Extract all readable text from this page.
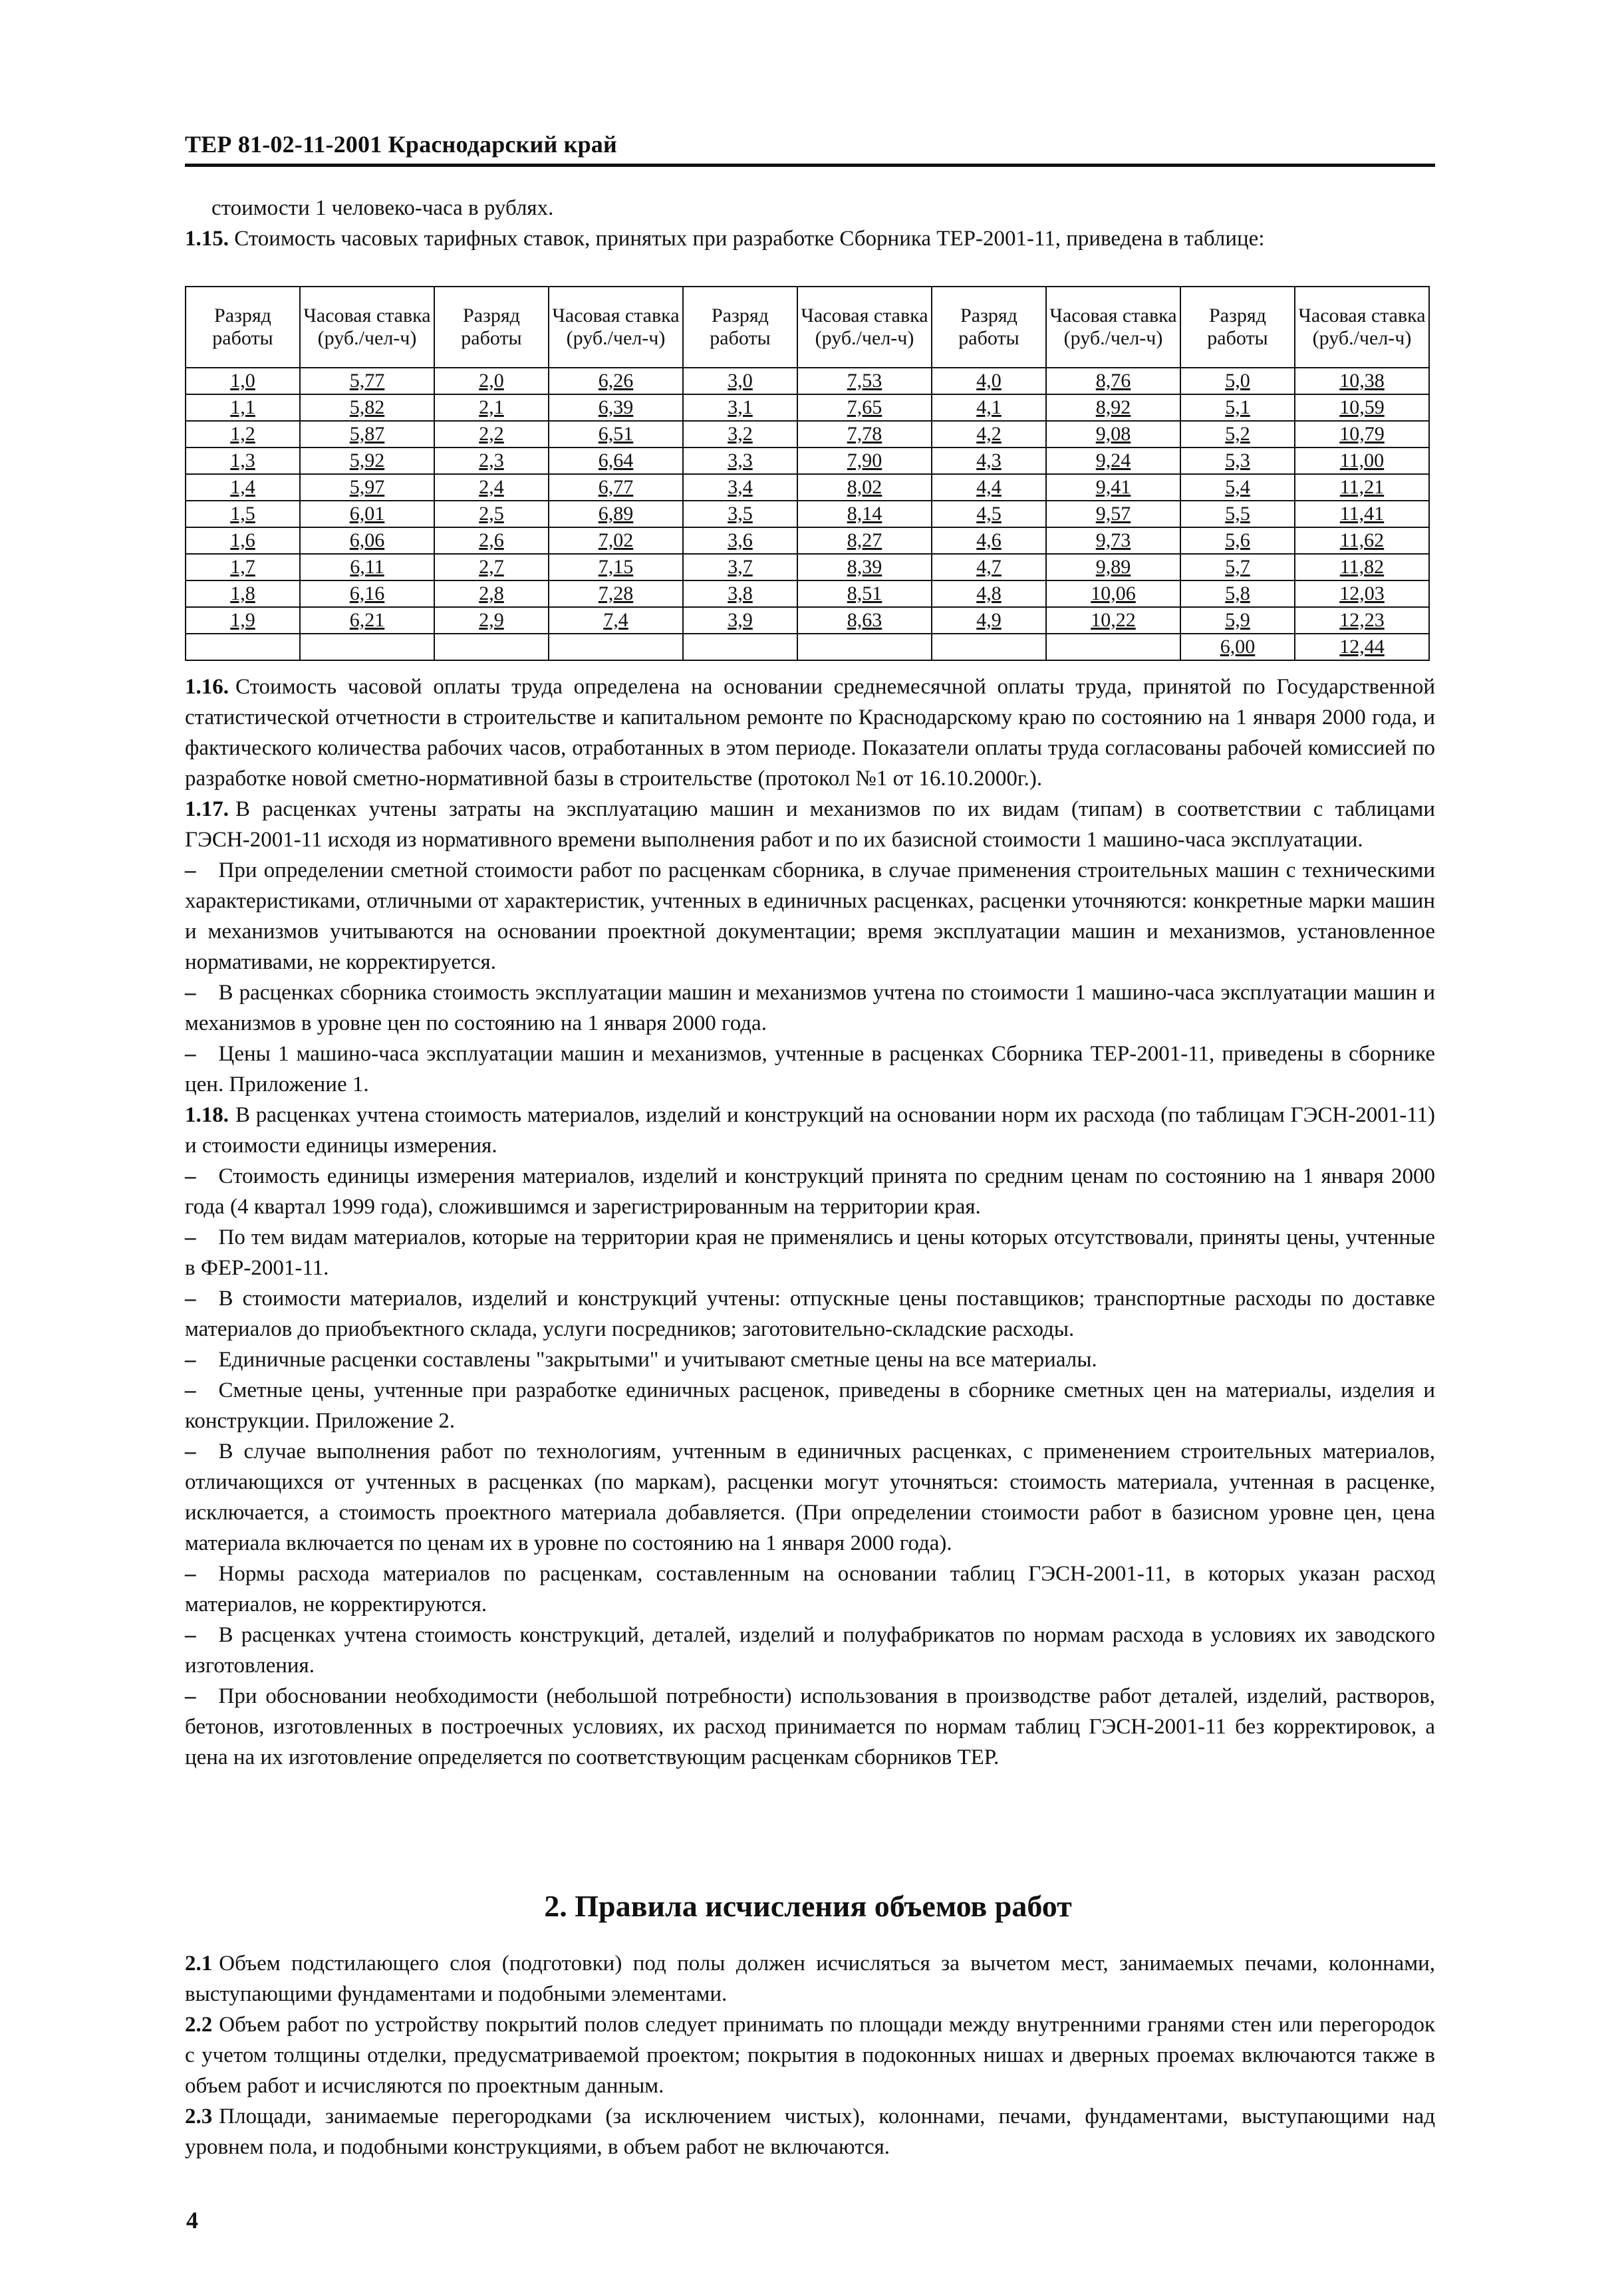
ТЕР 81-02-11-2001 Краснодарский край

стоимости 1 человеко-часа в рублях.

1.15. Стоимость часовых тарифных ставок, принятых при разработке Сборника ТЕР-2001-11, приведена в таблице:

Разряд работы	Часовая ставка (руб./чел-ч)	Разряд работы	Часовая ставка (руб./чел-ч)	Разряд работы	Часовая ставка (руб./чел-ч)	Разряд работы	Часовая ставка (руб./чел-ч)	Разряд работы	Часовая ставка (руб./чел-ч)
1,0	5,77	2,0	6,26	3,0	7,53	4,0	8,76	5,0	10,38
1,1	5,82	2,1	6,39	3,1	7,65	4,1	8,92	5,1	10,59
1,2	5,87	2,2	6,51	3,2	7,78	4,2	9,08	5,2	10,79
1,3	5,92	2,3	6,64	3,3	7,90	4,3	9,24	5,3	11,00
1,4	5,97	2,4	6,77	3,4	8,02	4,4	9,41	5,4	11,21
1,5	6,01	2,5	6,89	3,5	8,14	4,5	9,57	5,5	11,41
1,6	6,06	2,6	7,02	3,6	8,27	4,6	9,73	5,6	11,62
1,7	6,11	2,7	7,15	3,7	8,39	4,7	9,89	5,7	11,82
1,8	6,16	2,8	7,28	3,8	8,51	4,8	10,06	5,8	12,03
1,9	6,21	2,9	7,4	3,9	8,63	4,9	10,22	5,9	12,23
								6,00	12,44

1.16. Стоимость часовой оплаты труда определена на основании среднемесячной оплаты труда, принятой по Государственной статистической отчетности в строительстве и капитальном ремонте по Краснодарскому краю по состоянию на 1 января 2000 года, и фактического количества рабочих часов, отработанных в этом периоде. Показатели оплаты труда согласованы рабочей комиссией по разработке новой сметно-нормативной базы в строительстве (протокол №1 от 16.10.2000г.).

1.17. В расценках учтены затраты на эксплуатацию машин и механизмов по их видам (типам) в соответствии с таблицами ГЭСН-2001-11 исходя из нормативного времени выполнения работ и по их базисной стоимости 1 машино-часа эксплуатации.

– При определении сметной стоимости работ по расценкам сборника, в случае применения строительных машин с техническими характеристиками, отличными от характеристик, учтенных в единичных расценках, расценки уточняются: конкретные марки машин и механизмов учитываются на основании проектной документации; время эксплуатации машин и механизмов, установленное нормативами, не корректируется.

– В расценках сборника стоимость эксплуатации машин и механизмов учтена по стоимости 1 машино-часа эксплуатации машин и механизмов в уровне цен по состоянию на 1 января 2000 года.

– Цены 1 машино-часа эксплуатации машин и механизмов, учтенные в расценках Сборника ТЕР-2001-11, приведены в сборнике цен. Приложение 1.

1.18. В расценках учтена стоимость материалов, изделий и конструкций на основании норм их расхода (по таблицам ГЭСН-2001-11) и стоимости единицы измерения.

– Стоимость единицы измерения материалов, изделий и конструкций принята по средним ценам по состоянию на 1 января 2000 года (4 квартал 1999 года), сложившимся и зарегистрированным на территории края.

– По тем видам материалов, которые на территории края не применялись и цены которых отсутствовали, приняты цены, учтенные в ФЕР-2001-11.

– В стоимости материалов, изделий и конструкций учтены: отпускные цены поставщиков; транспортные расходы по доставке материалов до приобъектного склада, услуги посредников; заготовительно-складские расходы.

– Единичные расценки составлены "закрытыми" и учитывают сметные цены на все материалы.

– Сметные цены, учтенные при разработке единичных расценок, приведены в сборнике сметных цен на материалы, изделия и конструкции. Приложение 2.

– В случае выполнения работ по технологиям, учтенным в единичных расценках, с применением строительных материалов, отличающихся от учтенных в расценках (по маркам), расценки могут уточняться: стоимость материала, учтенная в расценке, исключается, а стоимость проектного материала добавляется. (При определении стоимости работ в базисном уровне цен, цена материала включается по ценам их в уровне по состоянию на 1 января 2000 года).

– Нормы расхода материалов по расценкам, составленным на основании таблиц ГЭСН-2001-11, в которых указан расход материалов, не корректируются.

– В расценках учтена стоимость конструкций, деталей, изделий и полуфабрикатов по нормам расхода в условиях их заводского изготовления.

– При обосновании необходимости (небольшой потребности) использования в производстве работ деталей, изделий, растворов, бетонов, изготовленных в построечных условиях, их расход принимается по нормам таблиц ГЭСН-2001-11 без корректировок, а цена на их изготовление определяется по соответствующим расценкам сборников ТЕР.

2. Правила исчисления объемов работ

2.1 Объем подстилающего слоя (подготовки) под полы должен исчисляться за вычетом мест, занимаемых печами, колоннами, выступающими фундаментами и подобными элементами.

2.2 Объем работ по устройству покрытий полов следует принимать по площади между внутренними гранями стен или перегородок с учетом толщины отделки, предусматриваемой проектом; покрытия в подоконных нишах и дверных проемах включаются также в объем работ и исчисляются по проектным данным.

2.3 Площади, занимаемые перегородками (за исключением чистых), колоннами, печами, фундаментами, выступающими над уровнем пола, и подобными конструкциями, в объем работ не включаются.

4
